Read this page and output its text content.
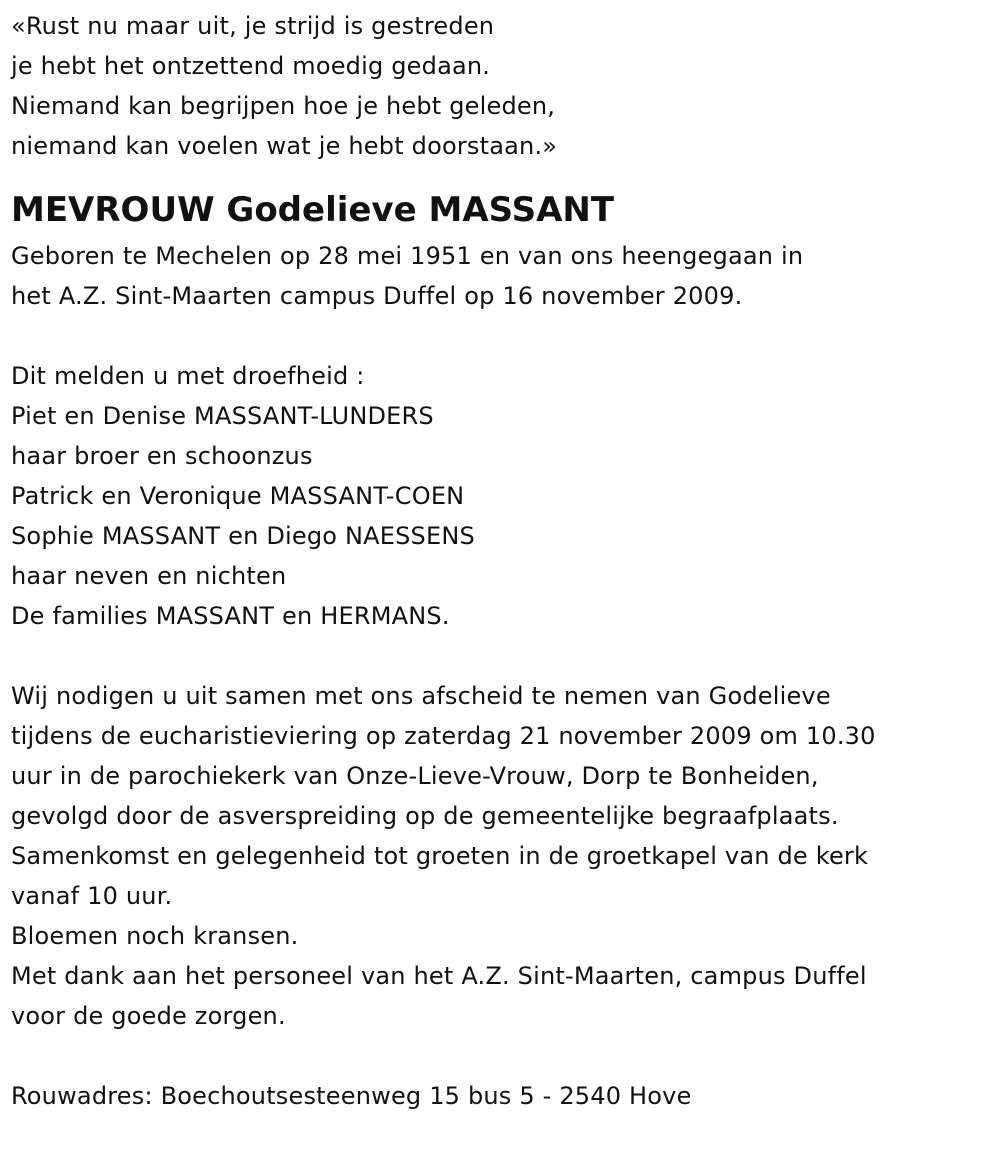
«Rust nu maar uit, je strijd is gestreden
je hebt het ontzettend moedig gedaan.
Niemand kan begrijpen hoe je hebt geleden,
niemand kan voelen wat je hebt doorstaan.»
MEVROUW Godelieve MASSANT
Geboren te Mechelen op 28 mei 1951 en van ons heengegaan in
het A.Z. Sint-Maarten campus Duffel op 16 november 2009.
Dit melden u met droefheid :
Piet en Denise MASSANT-LUNDERS
haar broer en schoonzus
Patrick en Veronique MASSANT-COEN
Sophie MASSANT en Diego NAESSENS
haar neven en nichten
De families MASSANT en HERMANS.
Wij nodigen u uit samen met ons afscheid te nemen van Godelieve
tijdens de eucharistieviering op zaterdag 21 november 2009 om 10.30
uur in de parochiekerk van Onze-Lieve-Vrouw, Dorp te Bonheiden,
gevolgd door de asverspreiding op de gemeentelijke begraafplaats.
Samenkomst en gelegenheid tot groeten in de groetkapel van de kerk
vanaf 10 uur.
Bloemen noch kransen.
Met dank aan het personeel van het A.Z. Sint-Maarten, campus Duffel
voor de goede zorgen.
Rouwadres: Boechoutsesteenweg 15 bus 5 - 2540 Hove
